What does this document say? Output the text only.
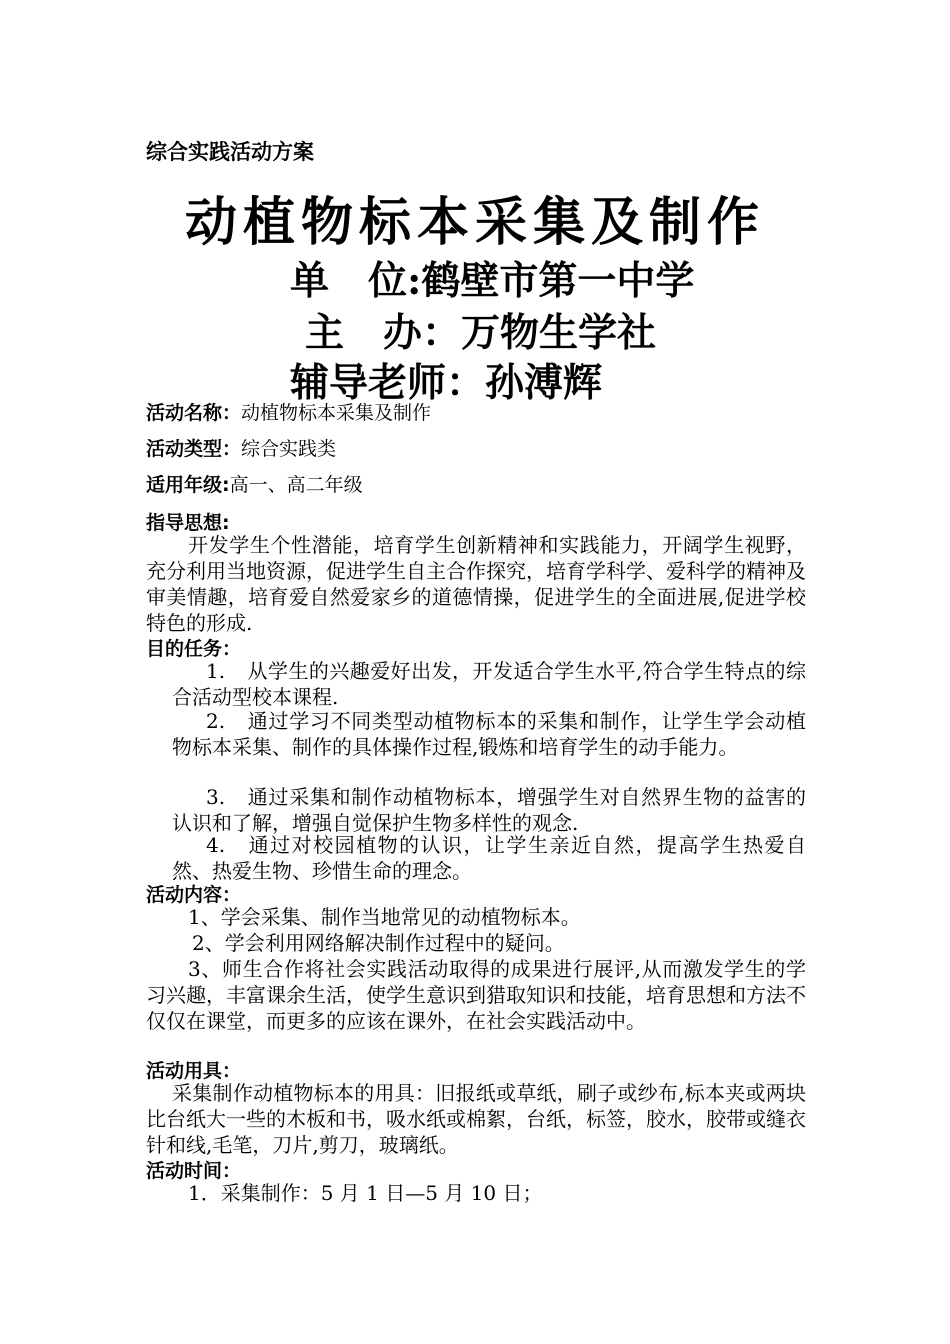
综合实践活动方案
动植物标本采集及制作
单　位:鹤壁市第一中学
主　办：万物生学社
辅导老师：孙溥辉
活动名称：动植物标本采集及制作
活动类型：综合实践类
适用年级:高一、高二年级
指导思想:
开发学生个性潜能，培育学生创新精神和实践能力，开阔学生视野，充分利用当地资源，促进学生自主合作探究，培育学科学、爱科学的精神及审美情趣，培育爱自然爱家乡的道德情操，促进学生的全面进展,促进学校特色的形成.
目的任务：
1. 从学生的兴趣爱好出发，开发适合学生水平,符合学生特点的综合活动型校本课程.
2. 通过学习不同类型动植物标本的采集和制作，让学生学会动植物标本采集、制作的具体操作过程,锻炼和培育学生的动手能力。
3. 通过采集和制作动植物标本，增强学生对自然界生物的益害的认识和了解，增强自觉保护生物多样性的观念.
4. 通过对校园植物的认识，让学生亲近自然，提高学生热爱自然、热爱生物、珍惜生命的理念。
活动内容：
1、学会采集、制作当地常见的动植物标本。
2、学会利用网络解决制作过程中的疑问。
3、师生合作将社会实践活动取得的成果进行展评,从而激发学生的学习兴趣，丰富课余生活，使学生意识到猎取知识和技能，培育思想和方法不仅仅在课堂，而更多的应该在课外，在社会实践活动中。
活动用具：
采集制作动植物标本的用具：旧报纸或草纸，刷子或纱布,标本夹或两块比台纸大一些的木板和书，吸水纸或棉絮，台纸，标签，胶水，胶带或缝衣针和线,毛笔，刀片,剪刀，玻璃纸。
活动时间：
1．采集制作：5 月 1 日—5 月 10 日；
